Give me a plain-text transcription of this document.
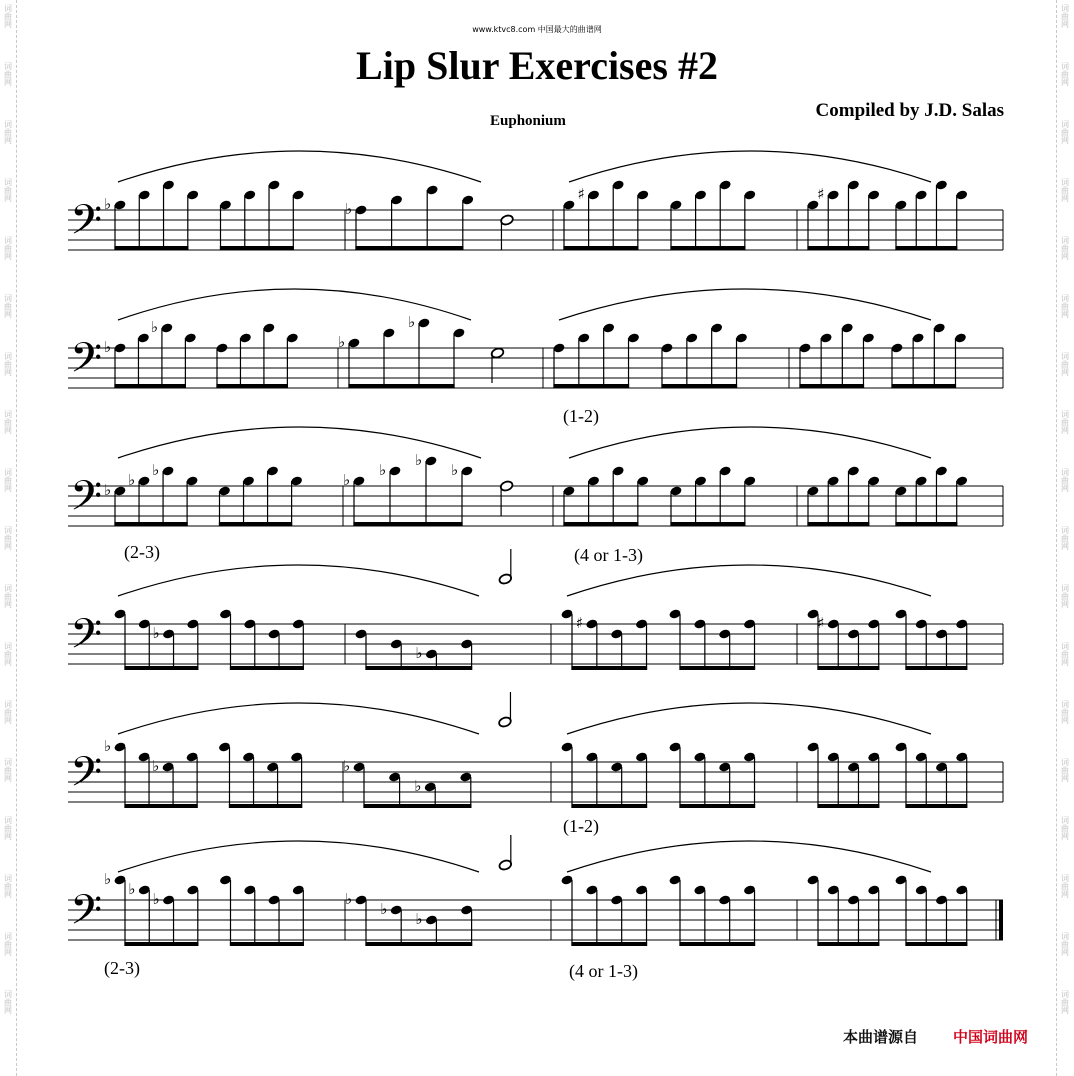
词曲网
词曲网
词曲网
词曲网
词曲网
词曲网
词曲网
词曲网
词曲网
词曲网
词曲网
词曲网
词曲网
词曲网
词曲网
词曲网
词曲网
词曲网
词曲网
词曲网
词曲网
词曲网
词曲网
词曲网
词曲网
词曲网
词曲网
词曲网
词曲网
词曲网
词曲网
词曲网
词曲网
词曲网
词曲网
词曲网
www.ktvc8.com 中国最大的曲谱网
Lip Slur Exercises #2
Compiled by J.D. Salas
Euphonium
𝄢 ♭	♭
♯	♯
𝄢 ♭
♭
♭
♭
𝄢 ♭
♭
♭
♭
♭
♭
♭
𝄢	♭
♭
♯	♯
𝄢
♭
♭	♭
♭
𝄢
♭
♭
♭	♭
♭
♭
(1-2)
(2-3)	(4 or 1-3)
(1-2)
(2-3)	(4 or 1-3)
本曲谱源自 中国词曲网
